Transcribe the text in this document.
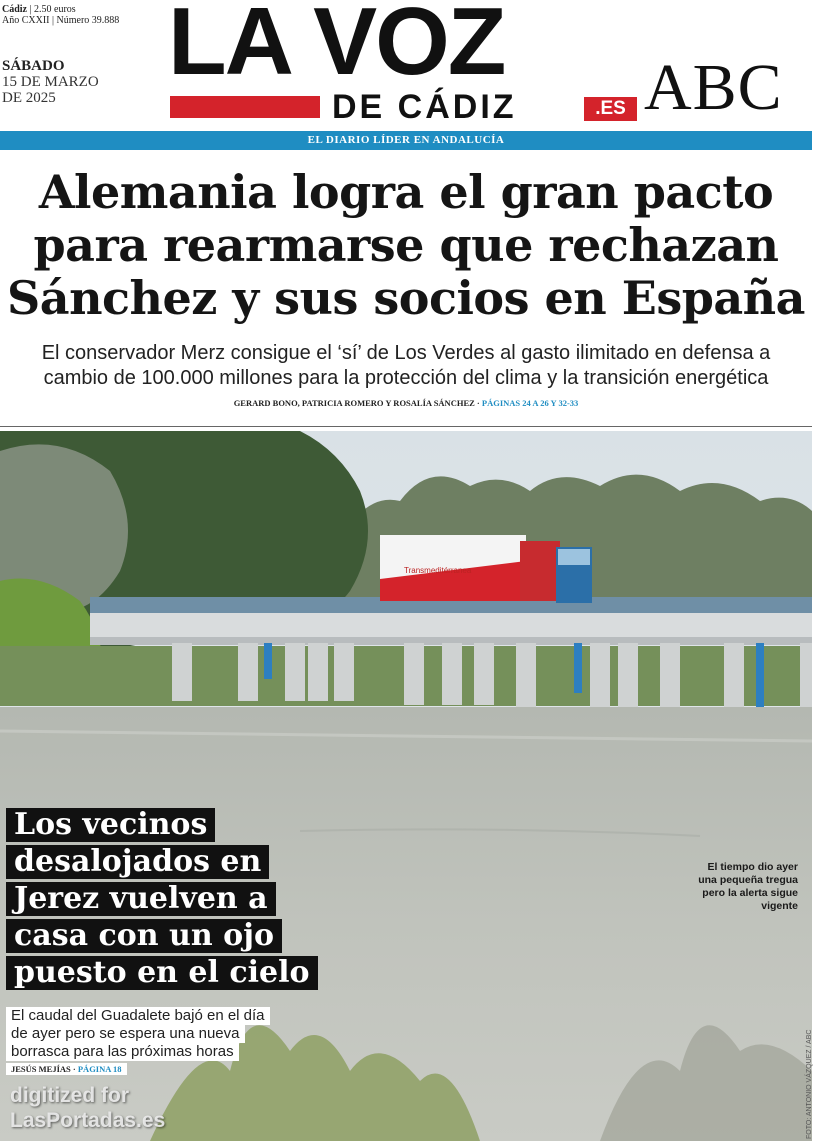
Cádiz | 2.50 euros
Año CXXII | Número 39.888
SÁBADO
15 DE MARZO
DE 2025
LA VOZ
DE CÁDIZ	.ES ABC
EL DIARIO LÍDER EN ANDALUCÍA
Alemania logra el gran pacto
para rearmarse que rechazan
Sánchez y sus socios en España
El conservador Merz consigue el ‘sí’ de Los Verdes al gasto ilimitado en defensa a
cambio de 100.000 millones para la protección del clima y la transición energética
GERARD BONO, PATRICIA ROMERO Y ROSALÍA SÁNCHEZ · PÁGINAS 24 A 26 Y 32-33
Transmeditérranea
El tiempo dio ayer
una pequeña tregua
pero la alerta sigue
vigente
Los vecinos
desalojados en
Jerez vuelven a
casa con un ojo
puesto en el cielo
El caudal del Guadalete bajó en el día
de ayer pero se espera una nueva
borrasca para las próximas horas
JESÚS MEJÍAS · PÁGINA 18	FOTO: ANTONIO VÁZQUEZ / ABC
digitized for
LasPortadas.es
